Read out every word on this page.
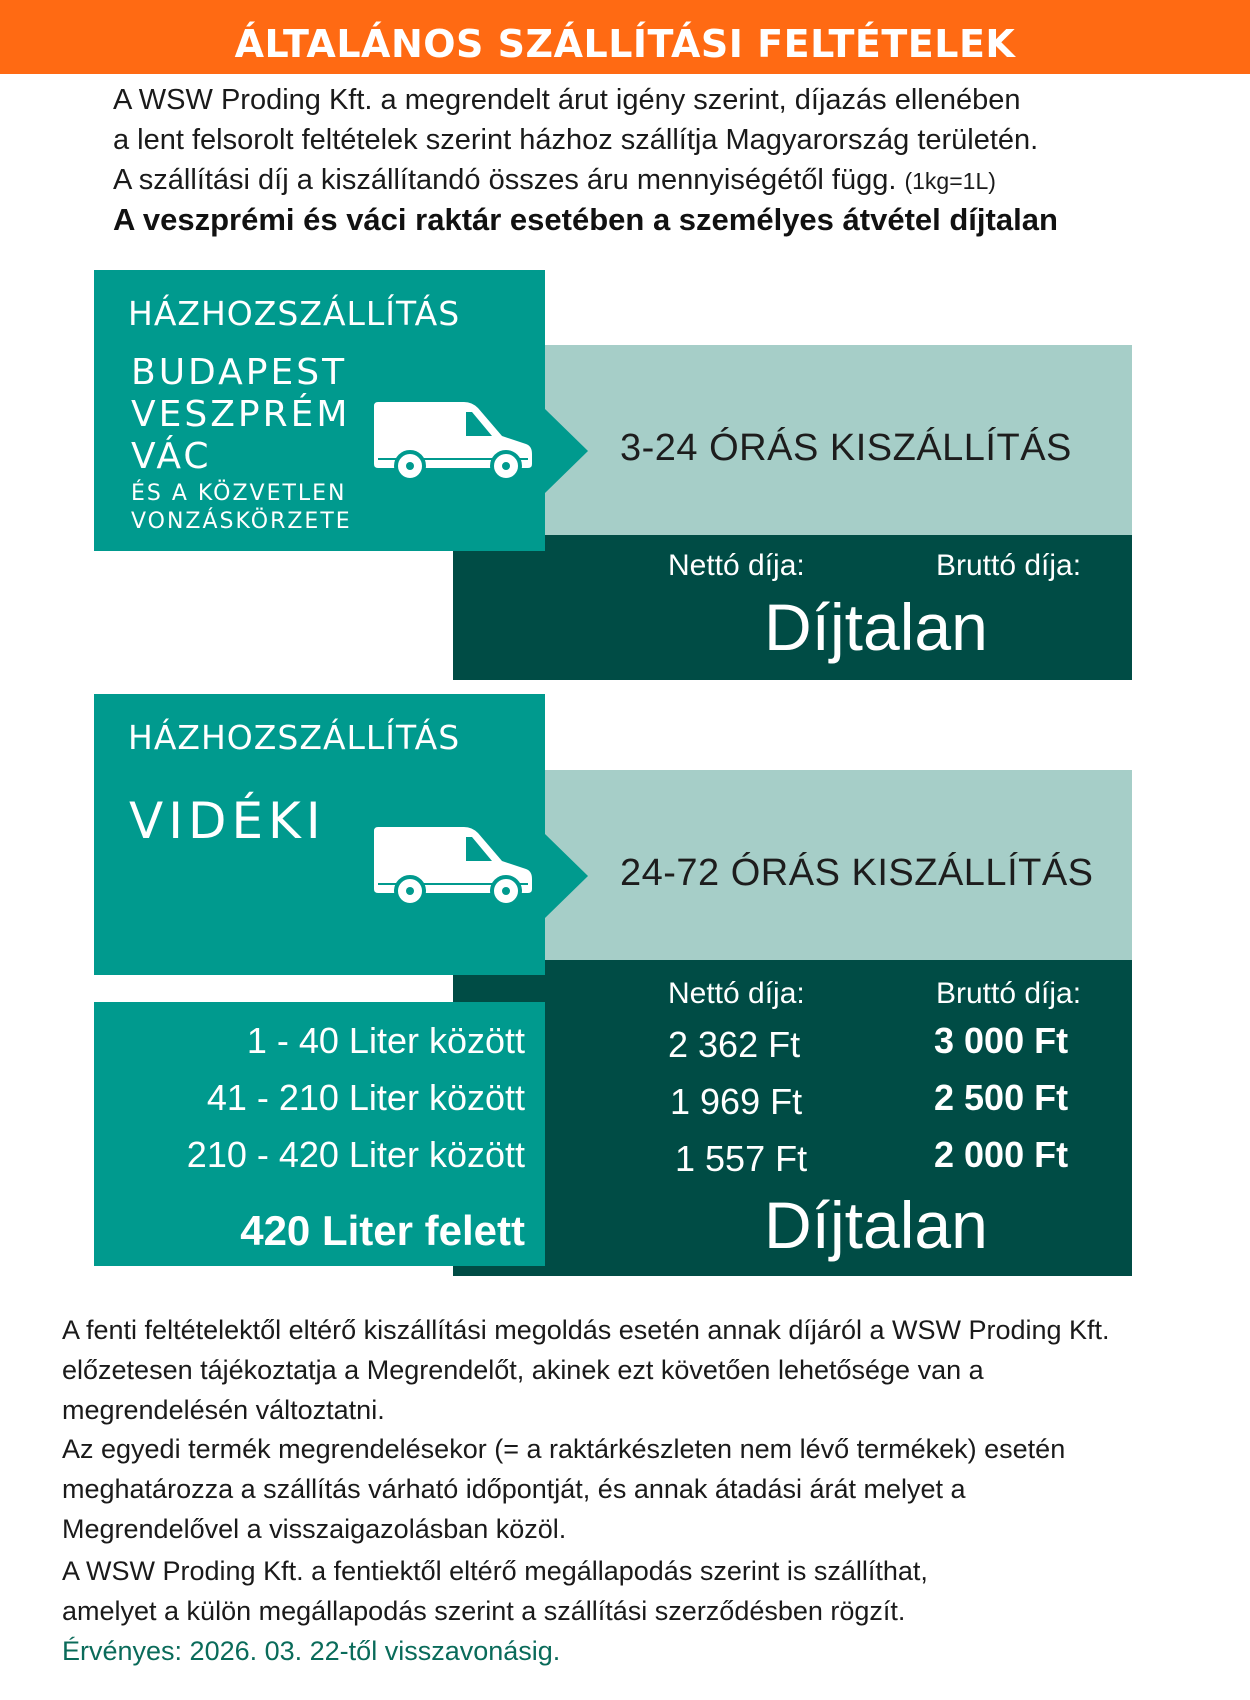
ÁLTALÁNOS SZÁLLÍTÁSI FELTÉTELEK
A WSW Proding Kft. a megrendelt árut igény szerint, díjazás ellenében
a lent felsorolt feltételek szerint házhoz szállítja Magyarország területén.
A szállítási díj a kiszállítandó összes áru mennyiségétől függ. (1kg=1L)
A veszprémi és váci raktár esetében a személyes átvétel díjtalan
HÁZHOZSZÁLLÍTÁS
BUDAPEST
VESZPRÉM
VÁC
ÉS A KÖZVETLEN
VONZÁSKÖRZETE
3-24 ÓRÁS KISZÁLLÍTÁS
Nettó díja:	Bruttó díja:
Díjtalan
HÁZHOZSZÁLLÍTÁS
VIDÉKI
24-72 ÓRÁS KISZÁLLÍTÁS
Nettó díja:	Bruttó díja:
1 - 40 Liter között
41 - 210 Liter között
210 - 420 Liter között
420 Liter felett
2 362 Ft
1 969 Ft
1 557 Ft
3 000 Ft
2 500 Ft
2 000 Ft
Díjtalan
A fenti feltételektől eltérő kiszállítási megoldás esetén annak díjáról a WSW Proding Kft.
előzetesen tájékoztatja a Megrendelőt, akinek ezt követően lehetősége van a
megrendelésén változtatni.
Az egyedi termék megrendelésekor (= a raktárkészleten nem lévő termékek) esetén
meghatározza a szállítás várható időpontját, és annak átadási árát melyet a
Megrendelővel a visszaigazolásban közöl.
A WSW Proding Kft. a fentiektől eltérő megállapodás szerint is szállíthat,
amelyet a külön megállapodás szerint a szállítási szerződésben rögzít.
Érvényes: 2026. 03. 22-től visszavonásig.
